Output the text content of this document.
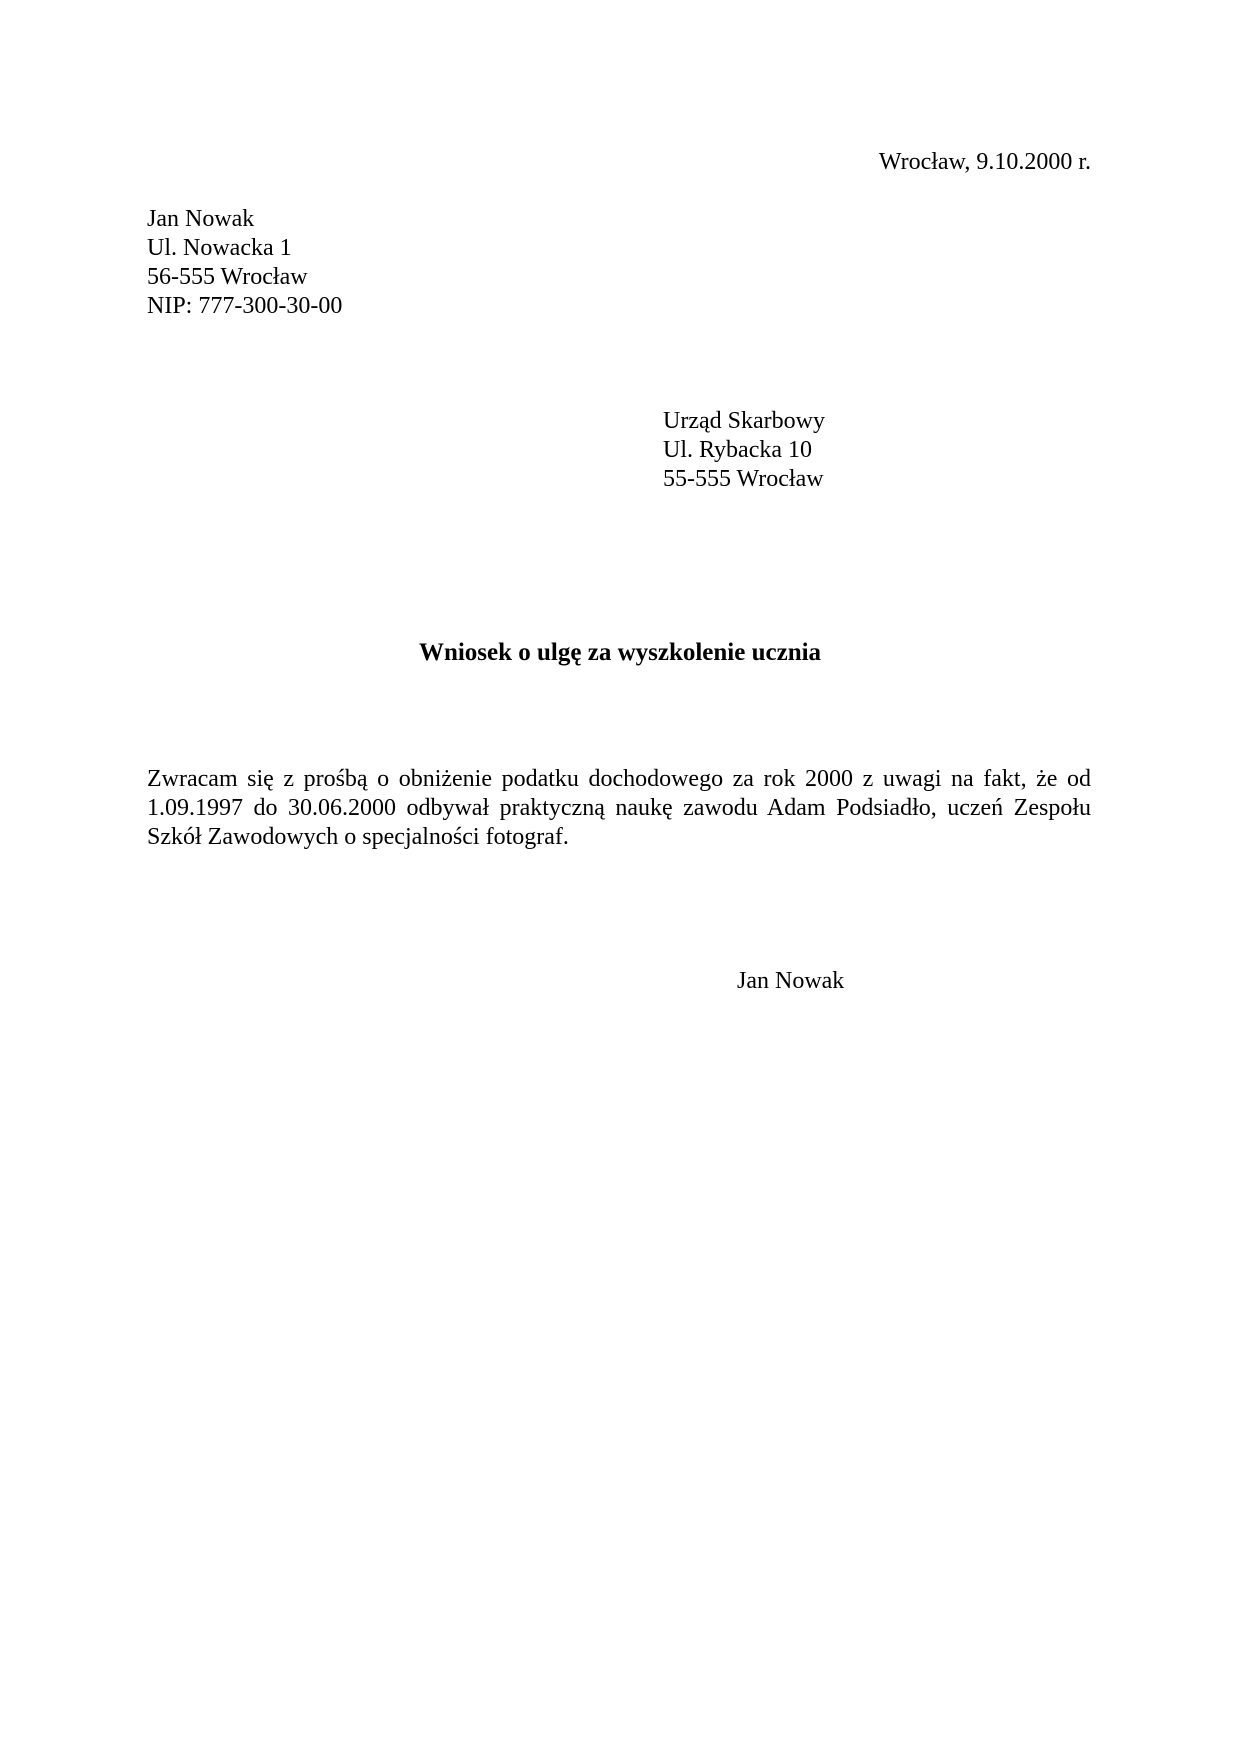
Wrocław, 9.10.2000 r.
Jan Nowak
Ul. Nowacka 1
56-555 Wrocław
NIP: 777-300-30-00
Urząd Skarbowy
Ul. Rybacka 10
55-555 Wrocław
Wniosek o ulgę za wyszkolenie ucznia

Zwracam się z prośbą o obniżenie podatku dochodowego za rok 2000 z uwagi na fakt, że od 1.09.1997 do 30.06.2000 odbywał praktyczną naukę zawodu Adam Podsiadło, uczeń Zespołu Szkół Zawodowych o specjalności fotograf.

Jan Nowak
